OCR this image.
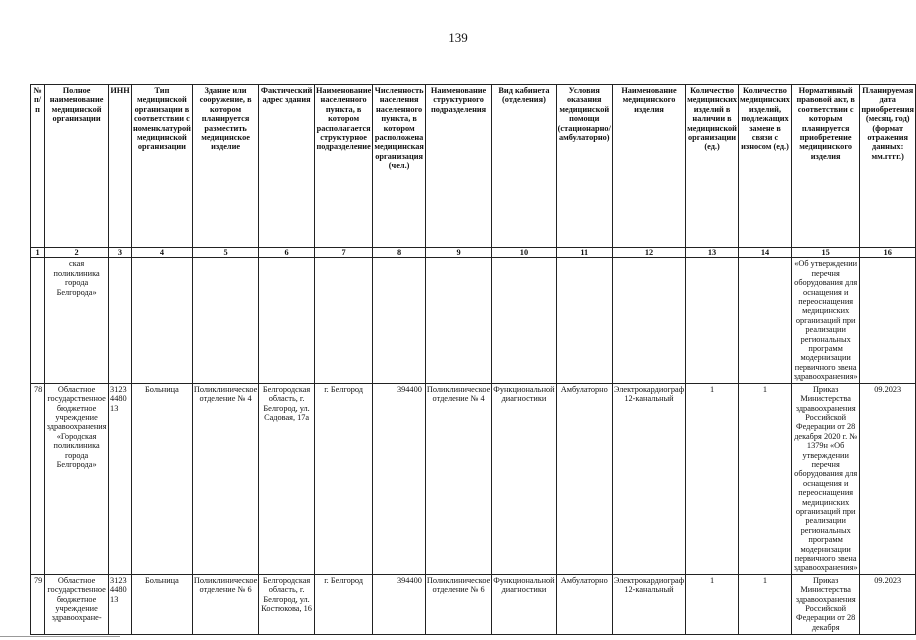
139
№ п/п	Полное наименование медицинской организации	ИНН	Тип медицинской организации в соответствии с номенклатурой медицинской организации	Здание или сооружение, в котором планируется разместить медицинское изделие	Фактический адрес здания	Наименование населенного пункта, в котором располагается структурное подразделение	Численность населения населенного пункта, в котором расположена медицинская организация (чел.)	Наименование структурного подразделения	Вид кабинета (отделения)	Условия оказания медицинской помощи (стационарно/ амбулаторно)	Наименование медицинского изделия	Количество медицинских изделий в наличии в медицинской организации (ед.)	Количество медицинских изделий, подлежащих замене в связи с износом (ед.)	Нормативный правовой акт, в соответствии с которым планируется приобретение медицинского изделия	Планируемая дата приобретения (месяц, год) (формат отражения данных: мм.гггг.)
1	2	3	4	5	6	7	8	9	10	11	12	13	14	15	16
	ская поликлиника города Белгорода»													«Об утверждении перечня оборудования для оснащения и переоснащения медицинских организаций при реализации региональных программ модернизации первичного звена здравоохранения»	
78	Областное государственное бюджетное учреждение здравоохранения «Городская поликлиника города Белгорода»	3123448013	Больница	Поликлиническое отделение № 4	Белгородская область, г. Белгород, ул. Садовая, 17а	г. Белгород	394400	Поликлиническое отделение № 4	Функциональной диагностики	Амбулаторно	Электрокардиограф 12-канальный	1	1	Приказ Министерства здравоохранения Российской Федерации от 28 декабря 2020 г. № 1379н «Об утверждении перечня оборудования для оснащения и переоснащения медицинских организаций при реализации региональных программ модернизации первичного звена здравоохранения»	09.2023
79	Областное государственное бюджетное учреждение здравоохране-	3123448013	Больница	Поликлиническое отделение № 6	Белгородская область, г. Белгород, ул. Костюкова, 16	г. Белгород	394400	Поликлиническое отделение № 6	Функциональной диагностики	Амбулаторно	Электрокардиограф 12-канальный	1	1	Приказ Министерства здравоохранения Российской Федерации от 28 декабря	09.2023
